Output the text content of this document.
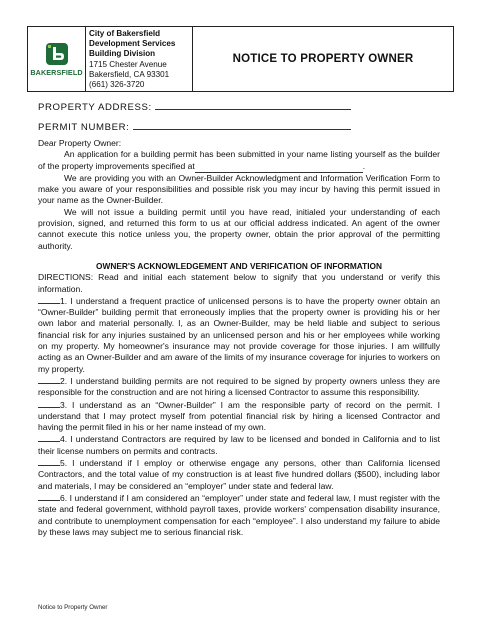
BAKERSFIELD
City of Bakersfield
Development Services
Building Division
1715 Chester Avenue
Bakersfield, CA 93301
(661) 326-3720
NOTICE TO PROPERTY OWNER
PROPERTY ADDRESS:
PERMIT NUMBER:

Dear Property Owner:

An application for a building permit has been submitted in your name listing yourself as the builder of the property improvements specified at	.

We are providing you with an Owner-Builder Acknowledgment and Information Verification Form to make you aware of your responsibilities and possible risk you may incur by having this permit issued in your name as the Owner-Builder.

We will not issue a building permit until you have read, initialed your understanding of each provision, signed, and returned this form to us at our official address indicated. An agent of the owner cannot execute this notice unless you, the property owner, obtain the prior approval of the permitting authority.

OWNER'S ACKNOWLEDGEMENT AND VERIFICATION OF INFORMATION

DIRECTIONS: Read and initial each statement below to signify that you understand or verify this information.

1. I understand a frequent practice of unlicensed persons is to have the property owner obtain an “Owner-Builder” building permit that erroneously implies that the property owner is providing his or her own labor and material personally. I, as an Owner-Builder, may be held liable and subject to serious financial risk for any injuries sustained by an unlicensed person and his or her employees while working on my property. My homeowner's insurance may not provide coverage for those injuries. I am willfully acting as an Owner-Builder and am aware of the limits of my insurance coverage for injuries to workers on my property.

2. I understand building permits are not required to be signed by property owners unless they are responsible for the construction and are not hiring a licensed Contractor to assume this responsibility.

3. I understand as an “Owner-Builder” I am the responsible party of record on the permit. I understand that I may protect myself from potential financial risk by hiring a licensed Contractor and having the permit filed in his or her name instead of my own.

4. I understand Contractors are required by law to be licensed and bonded in California and to list their license numbers on permits and contracts.

5. I understand if I employ or otherwise engage any persons, other than California licensed Contractors, and the total value of my construction is at least five hundred dollars ($500), including labor and materials, I may be considered an “employer” under state and federal law.

6. I understand if I am considered an “employer” under state and federal law, I must register with the state and federal government, withhold payroll taxes, provide workers' compensation disability insurance, and contribute to unemployment compensation for each “employee”. I also understand my failure to abide by these laws may subject me to serious financial risk.

Notice to Property Owner
